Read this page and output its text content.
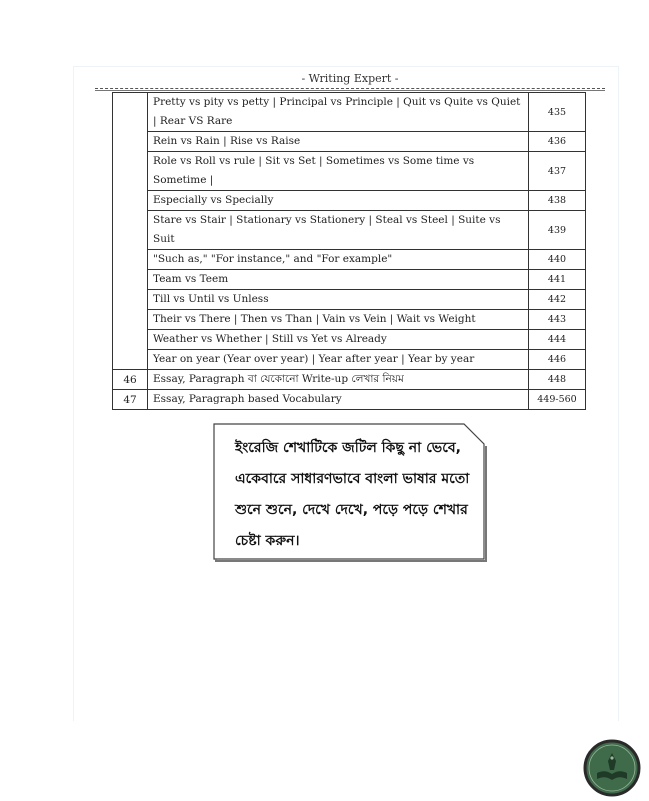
- Writing Expert -
	Pretty vs pity vs petty | Principal vs Principle | Quit vs Quite vs Quiet | Rear VS Rare	435
	Rein vs Rain | Rise vs Raise	436
	Role vs Roll vs rule | Sit vs Set | Sometimes vs Some time vs Sometime |	437
	Especially vs Specially	438
	Stare vs Stair | Stationary vs Stationery | Steal vs Steel | Suite vs Suit	439
	"Such as," "For instance," and "For example"	440
	Team vs Teem	441
	Till vs Until vs Unless	442
	Their vs There | Then vs Than | Vain vs Vein | Wait vs Weight	443
	Weather vs Whether | Still vs Yet vs Already	444
	Year on year (Year over year) | Year after year | Year by year	446
46	Essay, Paragraph বা যেকোনো Write-up লেখার নিয়ম	448
47	Essay, Paragraph based Vocabulary	449-560
ইংরেজি শেখাটিকে জটিল কিছু না ভেবে,
একেবারে সাধারণভাবে বাংলা ভাষার মতো
শুনে শুনে, দেখে দেখে, পড়ে পড়ে শেখার
চেষ্টা করুন।
